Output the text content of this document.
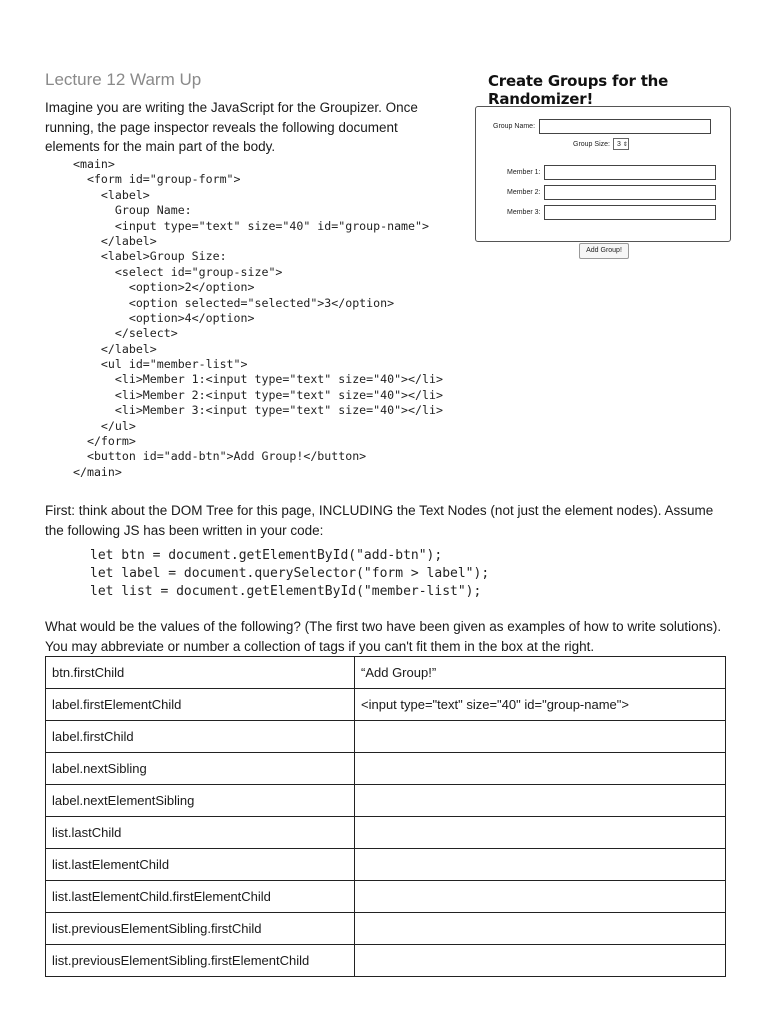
Lecture 12 Warm Up	Create Groups for the Randomizer!
Imagine you are writing the JavaScript for the Groupizer. Once running, the page inspector reveals the following document elements for the main part of the body.
<main>
<form id="group-form">
<label>
Group Name:
<input type="text" size="40" id="group-name">
</label>
<label>Group Size:
<select id="group-size">
<option>2</option>
<option selected="selected">3</option>
<option>4</option>
</select>
</label>
<ul id="member-list">
<li>Member 1:<input type="text" size="40"></li>
<li>Member 2:<input type="text" size="40"></li>
<li>Member 3:<input type="text" size="40"></li>
</ul>
</form>
<button id="add-btn">Add Group!</button>
</main>
Group Name:
Group Size:	3 ⇕
Member 1:
Member 2:
Member 3:
Add Group!
First: think about the DOM Tree for this page, INCLUDING the Text Nodes (not just the element nodes). Assume the following JS has been written in your code:
let btn = document.getElementById("add-btn");
let label = document.querySelector("form > label");
let list = document.getElementById("member-list");
What would be the values of the following? (The first two have been given as examples of how to write solutions). You may abbreviate or number a collection of tags if you can't fit them in the box at the right.
btn.firstChild	“Add Group!”
label.firstElementChild	<input type="text" size="40" id="group-name">
label.firstChild	
label.nextSibling	
label.nextElementSibling	
list.lastChild	
list.lastElementChild	
list.lastElementChild.firstElementChild	
list.previousElementSibling.firstChild	
list.previousElementSibling.firstElementChild	
